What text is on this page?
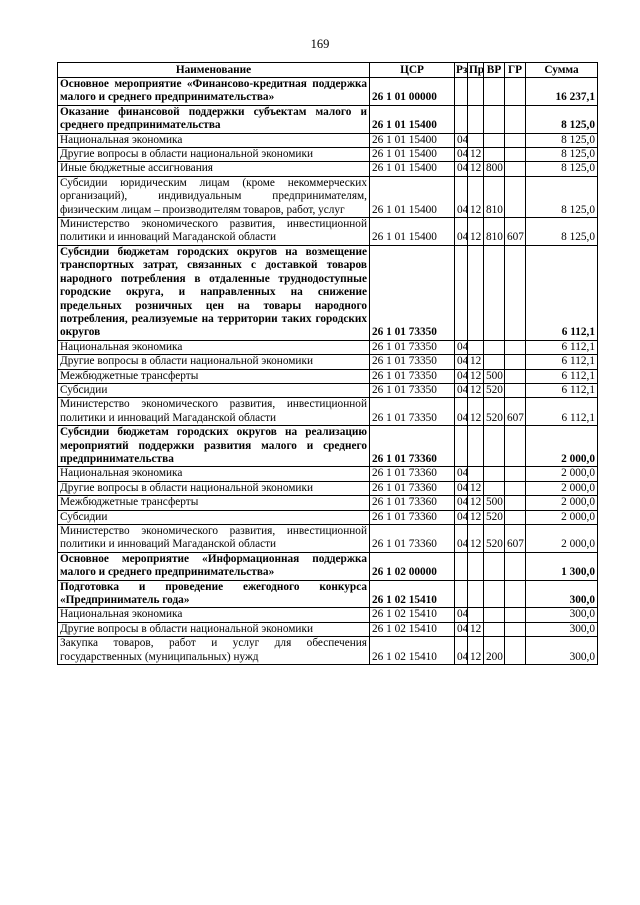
169
Наименование	ЦСР	Рз	Пр	ВР	ГР	Сумма
Основное мероприятие «Финансово-кредитная поддержка малого и среднего предпринимательства»	26 1 01 00000					16 237,1
Оказание финансовой поддержки субъектам малого и среднего предпринимательства	26 1 01 15400					8 125,0
Национальная экономика	26 1 01 15400	04				8 125,0
Другие вопросы в области национальной экономики	26 1 01 15400	04	12			8 125,0
Иные бюджетные ассигнования	26 1 01 15400	04	12	800		8 125,0
Субсидии юридическим лицам (кроме некоммерческих организаций), индивидуальным предпринимателям, физическим лицам – производителям товаров, работ, услуг	26 1 01 15400	04	12	810		8 125,0
Министерство экономического развития, инвестиционной политики и инноваций Магаданской области	26 1 01 15400	04	12	810	607	8 125,0
Субсидии бюджетам городских округов на возмещение транспортных затрат, связанных с доставкой товаров народного потребления в отдаленные труднодоступные городские округа, и направленных на снижение предельных розничных цен на товары народного потребления, реализуемые на территории таких городских округов	26 1 01 73350					6 112,1
Национальная экономика	26 1 01 73350	04				6 112,1
Другие вопросы в области национальной экономики	26 1 01 73350	04	12			6 112,1
Межбюджетные трансферты	26 1 01 73350	04	12	500		6 112,1
Субсидии	26 1 01 73350	04	12	520		6 112,1
Министерство экономического развития, инвестиционной политики и инноваций Магаданской области	26 1 01 73350	04	12	520	607	6 112,1
Субсидии бюджетам городских округов на реализацию мероприятий поддержки развития малого и среднего предпринимательства	26 1 01 73360					2 000,0
Национальная экономика	26 1 01 73360	04				2 000,0
Другие вопросы в области национальной экономики	26 1 01 73360	04	12			2 000,0
Межбюджетные трансферты	26 1 01 73360	04	12	500		2 000,0
Субсидии	26 1 01 73360	04	12	520		2 000,0
Министерство экономического развития, инвестиционной политики и инноваций Магаданской области	26 1 01 73360	04	12	520	607	2 000,0
Основное мероприятие «Информационная поддержка малого и среднего предпринимательства»	26 1 02 00000					1 300,0
Подготовка и проведение ежегодного конкурса «Предприниматель года»	26 1 02 15410					300,0
Национальная экономика	26 1 02 15410	04				300,0
Другие вопросы в области национальной экономики	26 1 02 15410	04	12			300,0
Закупка товаров, работ и услуг для обеспечения государственных (муниципальных) нужд	26 1 02 15410	04	12	200		300,0
